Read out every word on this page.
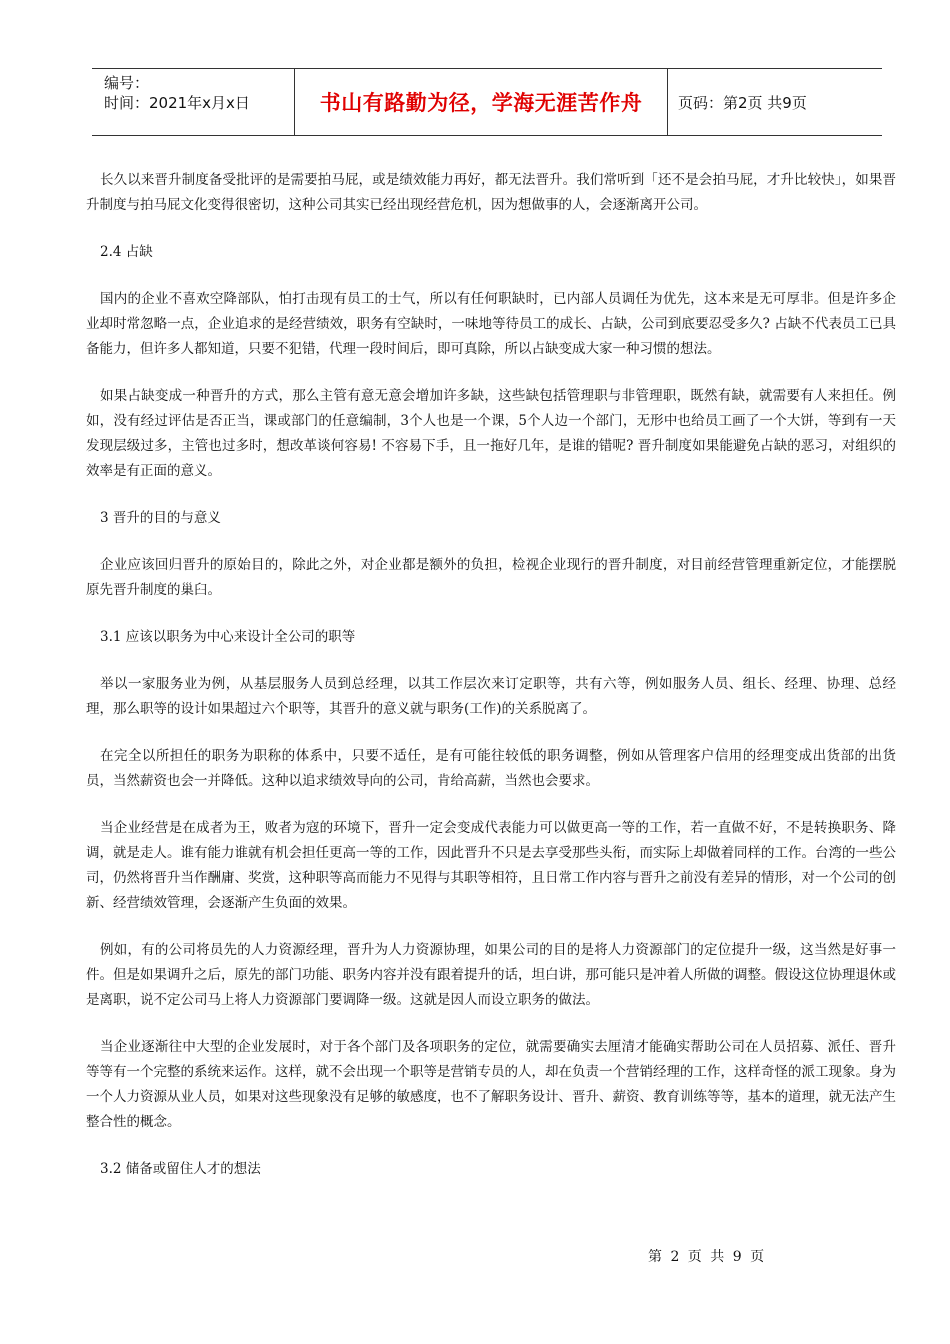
编号：
时间：2021年x月x日	书山有路勤为径，学海无涯苦作舟	页码：第2页 共9页

长久以来晋升制度备受批评的是需要拍马屁，或是绩效能力再好，都无法晋升。我们常听到「还不是会拍马屁，才升比较快」，如果晋升制度与拍马屁文化变得很密切，这种公司其实已经出现经营危机，因为想做事的人，会逐渐离开公司。

2.4 占缺

国内的企业不喜欢空降部队，怕打击现有员工的士气，所以有任何职缺时，已内部人员调任为优先，这本来是无可厚非。但是许多企业却时常忽略一点，企业追求的是经营绩效，职务有空缺时，一味地等待员工的成长、占缺，公司到底要忍受多久? 占缺不代表员工已具备能力，但许多人都知道，只要不犯错，代理一段时间后，即可真除，所以占缺变成大家一种习惯的想法。

如果占缺变成一种晋升的方式，那么主管有意无意会增加许多缺，这些缺包括管理职与非管理职，既然有缺，就需要有人来担任。例如，没有经过评估是否正当，课或部门的任意编制，3个人也是一个课，5个人边一个部门，无形中也给员工画了一个大饼，等到有一天发现层级过多，主管也过多时，想改革谈何容易! 不容易下手，且一拖好几年，是谁的错呢? 晋升制度如果能避免占缺的恶习，对组织的效率是有正面的意义。

3 晋升的目的与意义

企业应该回归晋升的原始目的，除此之外，对企业都是额外的负担，检视企业现行的晋升制度，对目前经营管理重新定位，才能摆脱原先晋升制度的巢臼。

3.1 应该以职务为中心来设计全公司的职等

举以一家服务业为例，从基层服务人员到总经理，以其工作层次来订定职等，共有六等，例如服务人员、组长、经理、协理、总经理，那么职等的设计如果超过六个职等，其晋升的意义就与职务(工作)的关系脱离了。

在完全以所担任的职务为职称的体系中，只要不适任，是有可能往较低的职务调整，例如从管理客户信用的经理变成出货部的出货员，当然薪资也会一并降低。这种以追求绩效导向的公司，肯给高薪，当然也会要求。

当企业经营是在成者为王，败者为寇的环境下，晋升一定会变成代表能力可以做更高一等的工作，若一直做不好，不是转换职务、降调，就是走人。谁有能力谁就有机会担任更高一等的工作，因此晋升不只是去享受那些头衔，而实际上却做着同样的工作。台湾的一些公司，仍然将晋升当作酬庸、奖赏，这种职等高而能力不见得与其职等相符，且日常工作内容与晋升之前没有差异的情形，对一个公司的创新、经营绩效管理，会逐渐产生负面的效果。

例如，有的公司将员先的人力资源经理，晋升为人力资源协理，如果公司的目的是将人力资源部门的定位提升一级，这当然是好事一件。但是如果调升之后，原先的部门功能、职务内容并没有跟着提升的话，坦白讲，那可能只是冲着人所做的调整。假设这位协理退休或是离职，说不定公司马上将人力资源部门要调降一级。这就是因人而设立职务的做法。

当企业逐渐往中大型的企业发展时，对于各个部门及各项职务的定位，就需要确实去厘清才能确实帮助公司在人员招募、派任、晋升等等有一个完整的系统来运作。这样，就不会出现一个职等是营销专员的人，却在负责一个营销经理的工作，这样奇怪的派工现象。身为一个人力资源从业人员，如果对这些现象没有足够的敏感度，也不了解职务设计、晋升、薪资、教育训练等等，基本的道理，就无法产生整合性的概念。

3.2 储备或留住人才的想法
第 2 页 共 9 页
